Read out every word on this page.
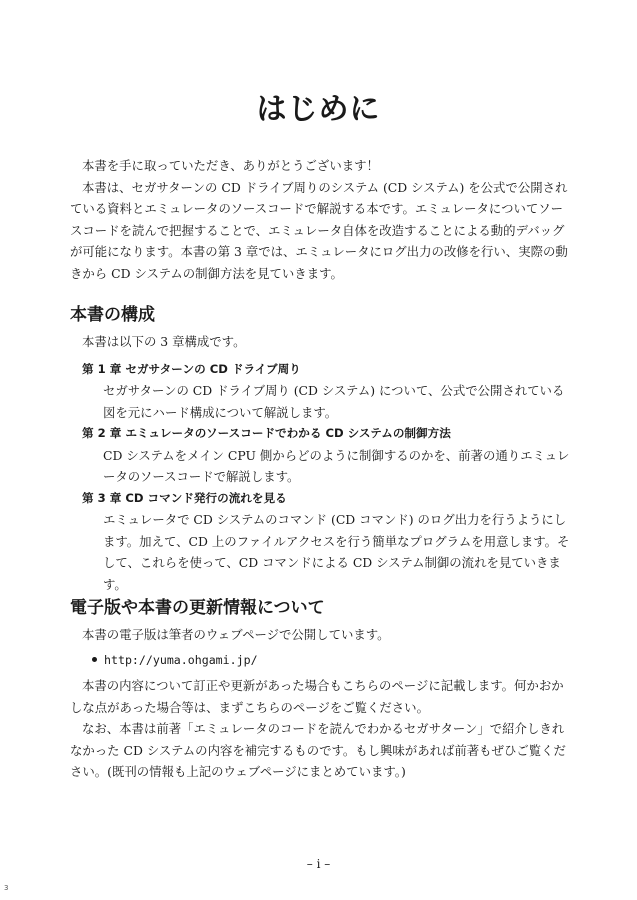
はじめに

本書を手に取っていただき、ありがとうございます！

本書は、セガサターンの CD ドライブ周りのシステム (CD システム) を公式で公開されている資料とエミュレータのソースコードで解説する本です。エミュレータについてソースコードを読んで把握することで、エミュレータ自体を改造することによる動的デバッグが可能になります。本書の第 3 章では、エミュレータにログ出力の改修を行い、実際の動きから CD システムの制御方法を見ていきます。

本書の構成

本書は以下の 3 章構成です。

第 1 章 セガサターンの CD ドライブ周り

セガサターンの CD ドライブ周り (CD システム) について、公式で公開されている図を元にハード構成について解説します。

第 2 章 エミュレータのソースコードでわかる CD システムの制御方法

CD システムをメイン CPU 側からどのように制御するのかを、前著の通りエミュレータのソースコードで解説します。

第 3 章 CD コマンド発行の流れを見る

エミュレータで CD システムのコマンド (CD コマンド) のログ出力を行うようにします。加えて、CD 上のファイルアクセスを行う簡単なプログラムを用意します。そして、これらを使って、CD コマンドによる CD システム制御の流れを見ていきます。

電子版や本書の更新情報について

本書の電子版は筆者のウェブページで公開しています。

http://yuma.ohgami.jp/

本書の内容について訂正や更新があった場合もこちらのページに記載します。何かおかしな点があった場合等は、まずこちらのページをご覧ください。

なお、本書は前著「エミュレータのコードを読んでわかるセガサターン」で紹介しきれなかった CD システムの内容を補完するものです。もし興味があれば前著もぜひご覧ください。(既刊の情報も上記のウェブページにまとめています。)

– i –
3
